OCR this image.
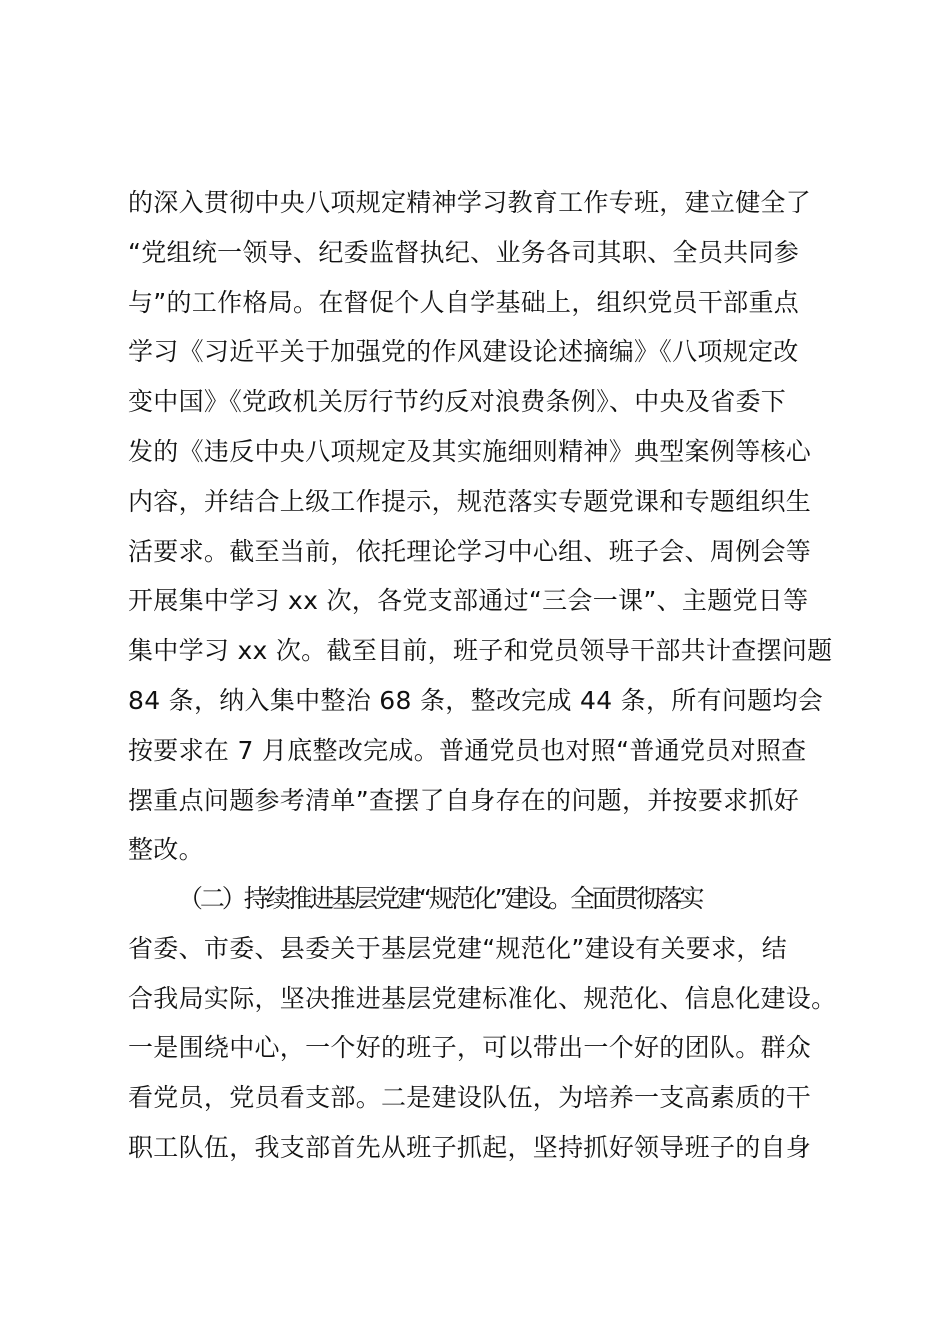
的深入贯彻中央八项规定精神学习教育工作专班，建立健全了
“党组统一领导、纪委监督执纪、业务各司其职、全员共同参
与”的工作格局。在督促个人自学基础上，组织党员干部重点
学习《习近平关于加强党的作风建设论述摘编》《八项规定改
变中国》《党政机关厉行节约反对浪费条例》、中央及省委下
发的《违反中央八项规定及其实施细则精神》典型案例等核心
内容，并结合上级工作提示，规范落实专题党课和专题组织生
活要求。截至当前，依托理论学习中心组、班子会、周例会等
开展集中学习 xx 次，各党支部通过“三会一课”、主题党日等
集中学习 xx 次。截至目前，班子和党员领导干部共计查摆问题
84 条，纳入集中整治 68 条，整改完成 44 条，所有问题均会
按要求在 7 月底整改完成。普通党员也对照“普通党员对照查
摆重点问题参考清单”查摆了自身存在的问题，并按要求抓好
整改。
（二）持续推进基层党建“规范化”建设。全面贯彻落实
省委、市委、县委关于基层党建“规范化”建设有关要求，结
合我局实际，坚决推进基层党建标准化、规范化、信息化建设。
一是围绕中心，一个好的班子，可以带出一个好的团队。群众
看党员，党员看支部。二是建设队伍，为培养一支高素质的干
职工队伍，我支部首先从班子抓起，坚持抓好领导班子的自身
